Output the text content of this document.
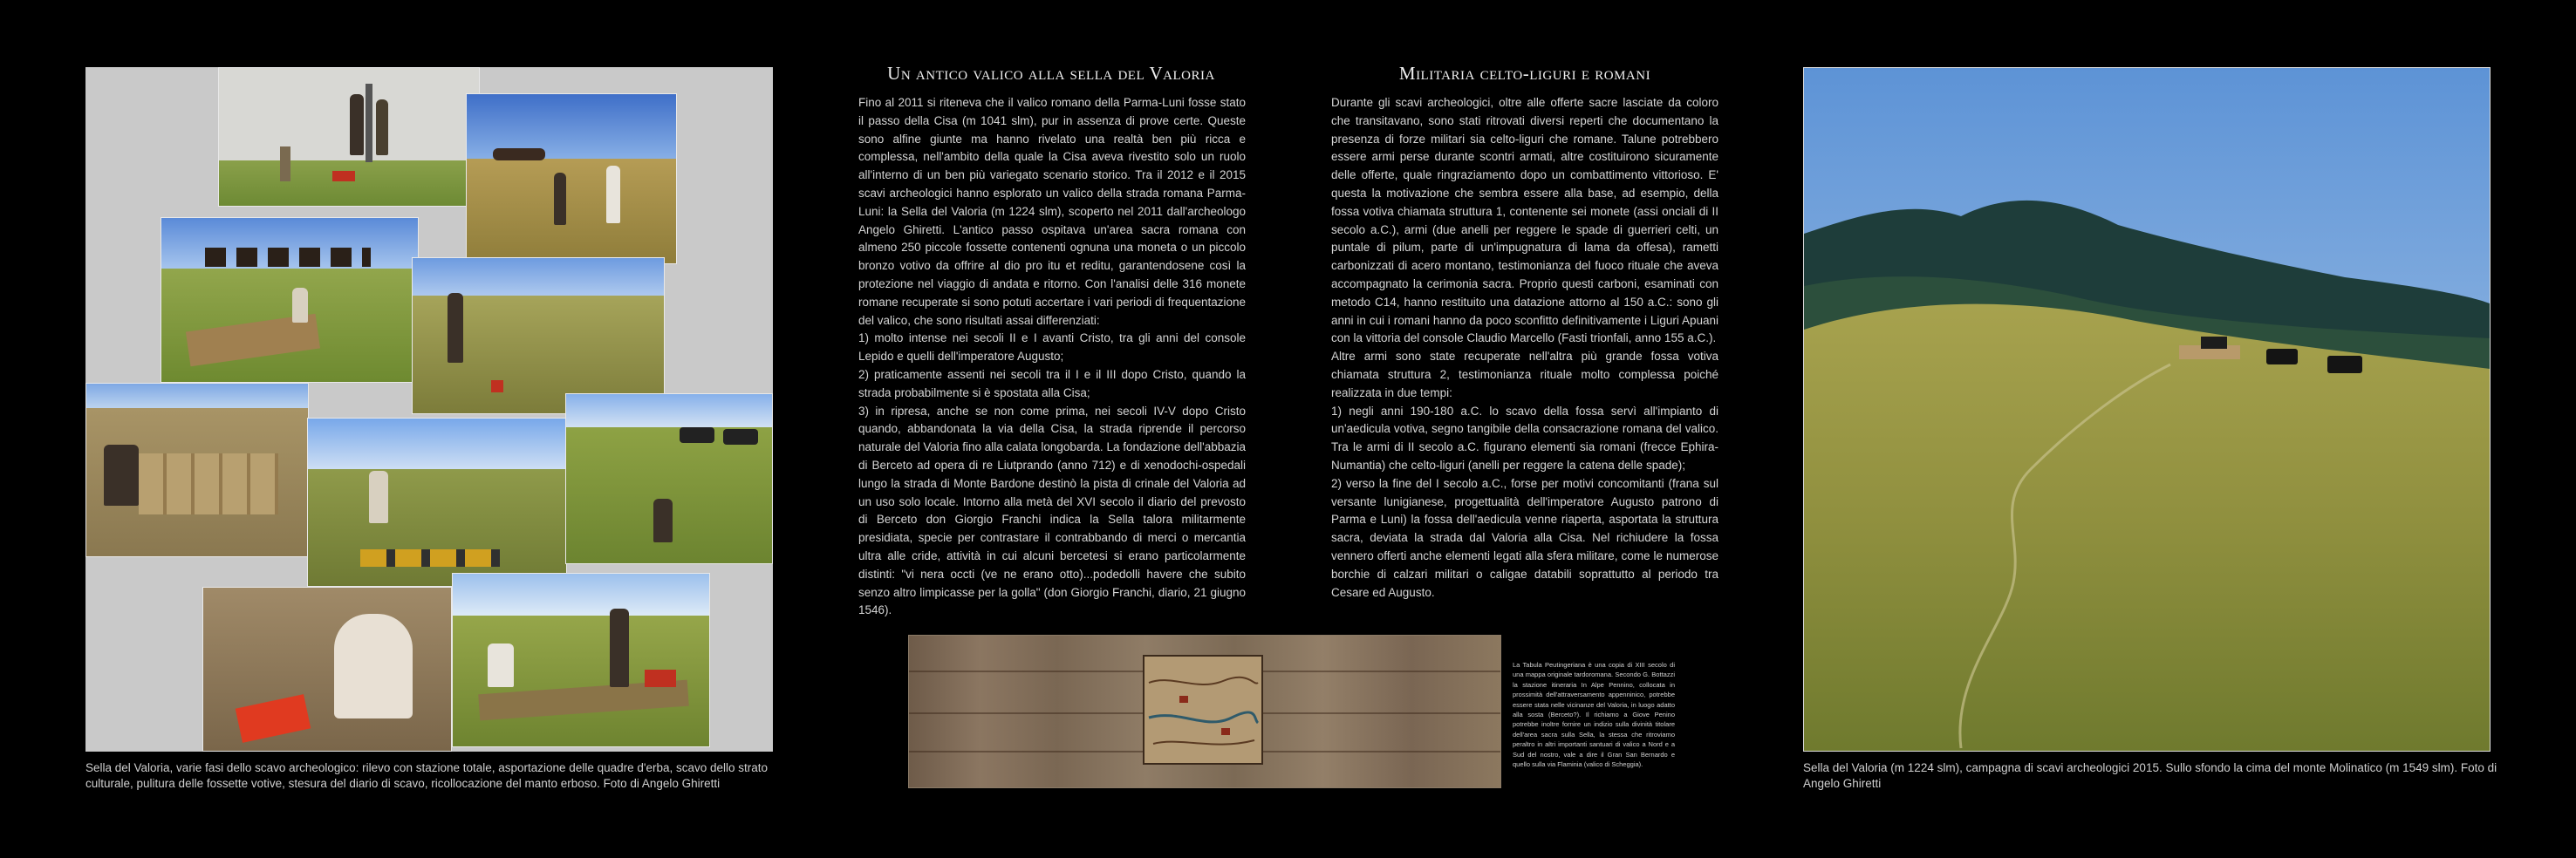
Sella del Valoria, varie fasi dello scavo archeologico: rilevo con stazione totale, asportazione delle quadre d'erba, scavo dello strato culturale, pulitura delle fossette votive, stesura del diario di scavo, ricollocazione del manto erboso. Foto di Angelo Ghiretti
Un antico valico alla sella del Valoria

Fino al 2011 si riteneva che il valico romano della Parma-Luni fosse stato il passo della Cisa (m 1041 slm), pur in assenza di prove certe. Queste sono alfine giunte ma hanno rivelato una realtà ben più ricca e complessa, nell'ambito della quale la Cisa aveva rivestito solo un ruolo all'interno di un ben più variegato scenario storico. Tra il 2012 e il 2015 scavi archeologici hanno esplorato un valico della strada romana Parma-Luni: la Sella del Valoria (m 1224 slm), scoperto nel 2011 dall'archeologo Angelo Ghiretti. L'antico passo ospitava un'area sacra romana con almeno 250 piccole fossette contenenti ognuna una moneta o un piccolo bronzo votivo da offrire al dio pro itu et reditu, garantendosene così la protezione nel viaggio di andata e ritorno. Con l'analisi delle 316 monete romane recuperate si sono potuti accertare i vari periodi di frequentazione del valico, che sono risultati assai differenziati:

1) molto intense nei secoli II e I avanti Cristo, tra gli anni del console Lepido e quelli dell'imperatore Augusto;

2) praticamente assenti nei secoli tra il I e il III dopo Cristo, quando la strada probabilmente si è spostata alla Cisa;

3) in ripresa, anche se non come prima, nei secoli IV-V dopo Cristo quando, abbandonata la via della Cisa, la strada riprende il percorso naturale del Valoria fino alla calata longobarda. La fondazione dell'abbazia di Berceto ad opera di re Liutprando (anno 712) e di xenodochi-ospedali lungo la strada di Monte Bardone destinò la pista di crinale del Valoria ad un uso solo locale. Intorno alla metà del XVI secolo il diario del prevosto di Berceto don Giorgio Franchi indica la Sella talora militarmente presidiata, specie per contrastare il contrabbando di merci o mercantia ultra alle cride, attività in cui alcuni bercetesi si erano particolarmente distinti: "vi nera occti (ve ne erano otto)...podedolli havere che subito senzo altro limpicasse per la golla" (don Giorgio Franchi, diario, 21 giugno 1546).

Militaria celto-liguri e romani

Durante gli scavi archeologici, oltre alle offerte sacre lasciate da coloro che transitavano, sono stati ritrovati diversi reperti che documentano la presenza di forze militari sia celto-liguri che romane. Talune potrebbero essere armi perse durante scontri armati, altre costituirono sicuramente delle offerte, quale ringraziamento dopo un combattimento vittorioso. E' questa la motivazione che sembra essere alla base, ad esempio, della fossa votiva chiamata struttura 1, contenente sei monete (assi onciali di II secolo a.C.), armi (due anelli per reggere le spade di guerrieri celti, un puntale di pilum, parte di un'impugnatura di lama da offesa), rametti carbonizzati di acero montano, testimonianza del fuoco rituale che aveva accompagnato la cerimonia sacra. Proprio questi carboni, esaminati con metodo C14, hanno restituito una datazione attorno al 150 a.C.: sono gli anni in cui i romani hanno da poco sconfitto definitivamente i Liguri Apuani con la vittoria del console Claudio Marcello (Fasti trionfali, anno 155 a.C.).

Altre armi sono state recuperate nell'altra più grande fossa votiva chiamata struttura 2, testimonianza rituale molto complessa poiché realizzata in due tempi:

1) negli anni 190-180 a.C. lo scavo della fossa servì all'impianto di un'aedicula votiva, segno tangibile della consacrazione romana del valico. Tra le armi di II secolo a.C. figurano elementi sia romani (frecce Ephira-Numantia) che celto-liguri (anelli per reggere la catena delle spade);

2) verso la fine del I secolo a.C., forse per motivi concomitanti (frana sul versante lunigianese, progettualità dell'imperatore Augusto patrono di Parma e Luni) la fossa dell'aedicula venne riaperta, asportata la struttura sacra, deviata la strada dal Valoria alla Cisa. Nel richiudere la fossa vennero offerti anche elementi legati alla sfera militare, come le numerose borchie di calzari militari o caligae databili soprattutto al periodo tra Cesare ed Augusto.

La Tabula Peutingeriana è una copia di XIII secolo di una mappa originale tardoromana. Secondo G. Bottazzi la stazione itineraria In Alpe Pennino, collocata in prossimità dell'attraversamento appenninico, potrebbe essere stata nelle vicinanze del Valoria, in luogo adatto alla sosta (Berceto?). Il richiamo a Giove Penino potrebbe inoltre fornire un indizio sulla divinità titolare dell'area sacra sulla Sella, la stessa che ritroviamo peraltro in altri importanti santuari di valico a Nord e a Sud del nostro, vale a dire il Gran San Bernardo e quello sulla via Flaminia (valico di Scheggia).	Sella del Valoria (m 1224 slm), campagna di scavi archeologici 2015. Sullo sfondo la cima del monte Molinatico (m 1549 slm). Foto di Angelo Ghiretti
